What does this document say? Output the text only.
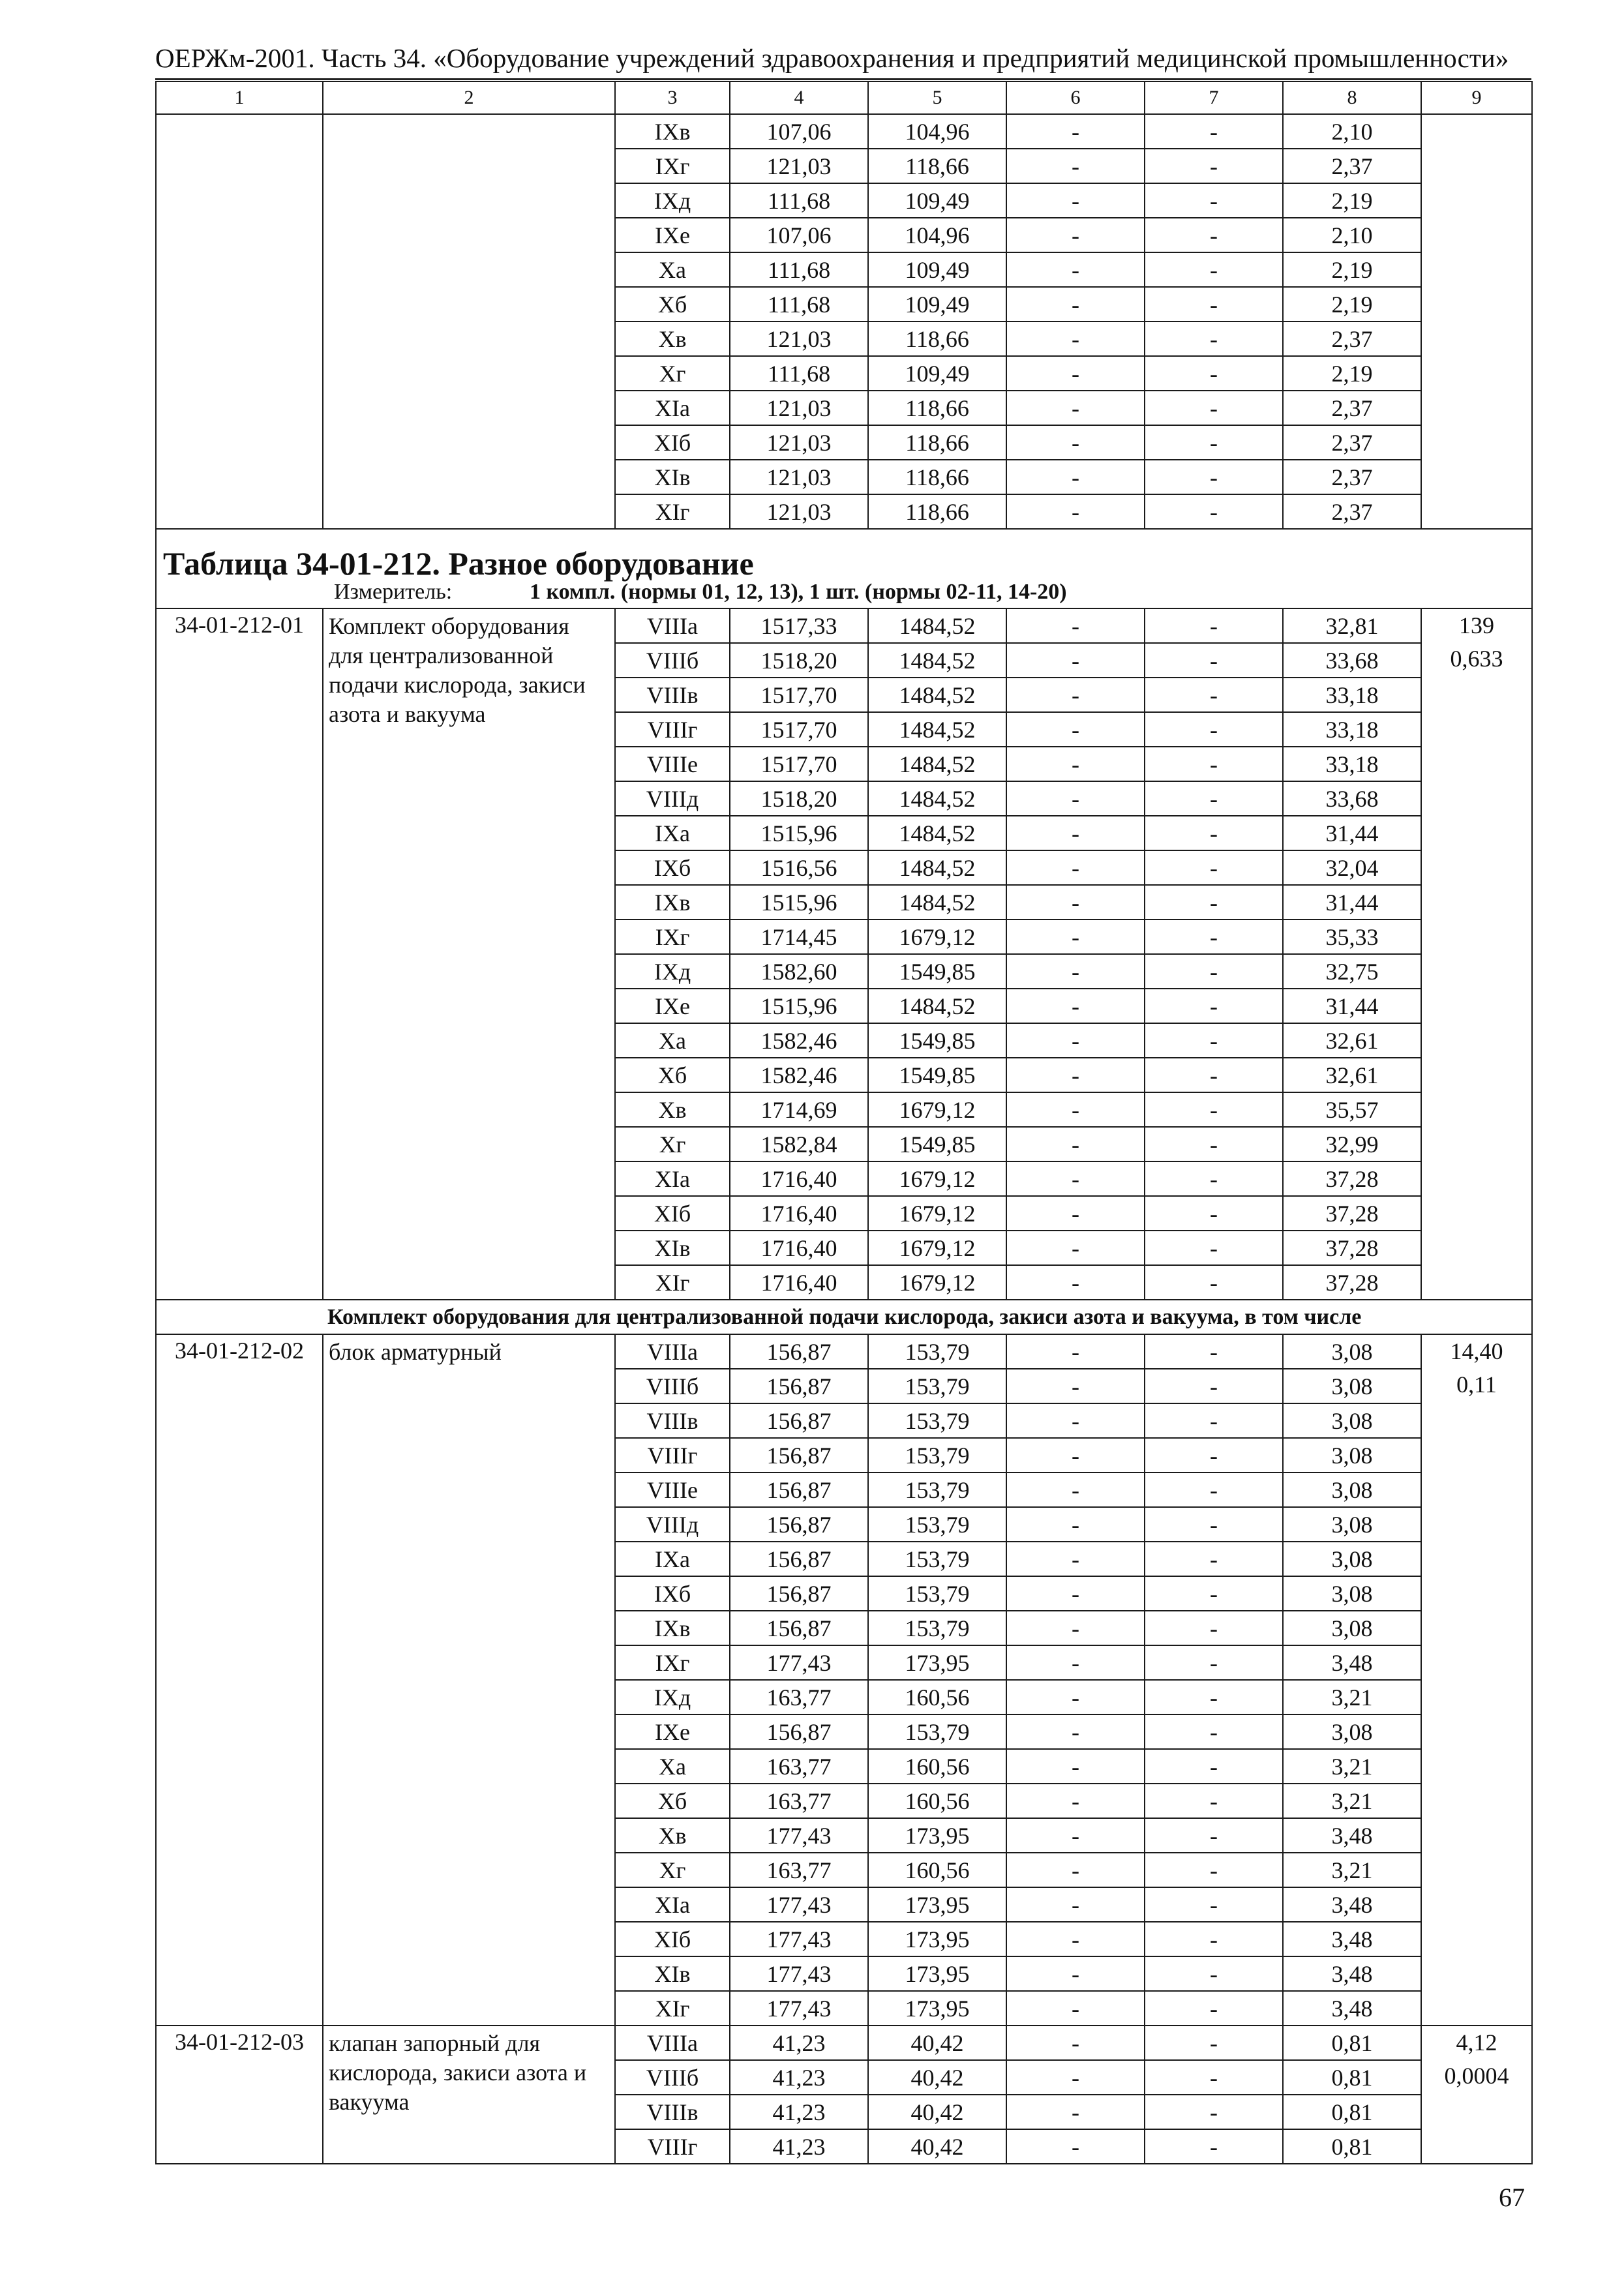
ОЕРЖм-2001. Часть 34. «Оборудование учреждений здравоохранения и предприятий медицинской промышленности»
1	2	3	4	5	6	7	8	9
		IXв	107,06	104,96	-	-	2,10	
		IXг	121,03	118,66	-	-	2,37	
		IXд	111,68	109,49	-	-	2,19	
		IXе	107,06	104,96	-	-	2,10	
		Xа	111,68	109,49	-	-	2,19	
		Xб	111,68	109,49	-	-	2,19	
		Xв	121,03	118,66	-	-	2,37	
		Xг	111,68	109,49	-	-	2,19	
		XIа	121,03	118,66	-	-	2,37	
		XIб	121,03	118,66	-	-	2,37	
		XIв	121,03	118,66	-	-	2,37	
		XIг	121,03	118,66	-	-	2,37	
Таблица 34-01-212. Разное оборудование								
Измеритель: 1 компл. (нормы 01, 12, 13), 1 шт. (нормы 02-11, 14-20)								
34-01-212-01	Комплект оборудования для централизованной подачи кислорода, закиси азота и вакуума	VIIIа	1517,33	1484,52	-	-	32,81	139
0,633

		VIIIб	1518,20	1484,52	-	-	33,68	
		VIIIв	1517,70	1484,52	-	-	33,18	
		VIIIг	1517,70	1484,52	-	-	33,18	
		VIIIе	1517,70	1484,52	-	-	33,18	
		VIIIд	1518,20	1484,52	-	-	33,68	
		IXа	1515,96	1484,52	-	-	31,44	
		IXб	1516,56	1484,52	-	-	32,04	
		IXв	1515,96	1484,52	-	-	31,44	
		IXг	1714,45	1679,12	-	-	35,33	
		IXд	1582,60	1549,85	-	-	32,75	
		IXе	1515,96	1484,52	-	-	31,44	
		Xа	1582,46	1549,85	-	-	32,61	
		Xб	1582,46	1549,85	-	-	32,61	
		Xв	1714,69	1679,12	-	-	35,57	
		Xг	1582,84	1549,85	-	-	32,99	
		XIа	1716,40	1679,12	-	-	37,28	
		XIб	1716,40	1679,12	-	-	37,28	
		XIв	1716,40	1679,12	-	-	37,28	
		XIг	1716,40	1679,12	-	-	37,28	
Комплект оборудования для централизованной подачи кислорода, закиси азота и вакуума, в том числе								
34-01-212-02	блок арматурный	VIIIа	156,87	153,79	-	-	3,08	14,40
0,11

		VIIIб	156,87	153,79	-	-	3,08	
		VIIIв	156,87	153,79	-	-	3,08	
		VIIIг	156,87	153,79	-	-	3,08	
		VIIIе	156,87	153,79	-	-	3,08	
		VIIIд	156,87	153,79	-	-	3,08	
		IXа	156,87	153,79	-	-	3,08	
		IXб	156,87	153,79	-	-	3,08	
		IXв	156,87	153,79	-	-	3,08	
		IXг	177,43	173,95	-	-	3,48	
		IXд	163,77	160,56	-	-	3,21	
		IXе	156,87	153,79	-	-	3,08	
		Xа	163,77	160,56	-	-	3,21	
		Xб	163,77	160,56	-	-	3,21	
		Xв	177,43	173,95	-	-	3,48	
		Xг	163,77	160,56	-	-	3,21	
		XIа	177,43	173,95	-	-	3,48	
		XIб	177,43	173,95	-	-	3,48	
		XIв	177,43	173,95	-	-	3,48	
		XIг	177,43	173,95	-	-	3,48	
34-01-212-03	клапан запорный для кислорода, закиси азота и вакуума	VIIIа	41,23	40,42	-	-	0,81	4,12
0,0004

		VIIIб	41,23	40,42	-	-	0,81	
		VIIIв	41,23	40,42	-	-	0,81	
		VIIIг	41,23	40,42	-	-	0,81	
67
